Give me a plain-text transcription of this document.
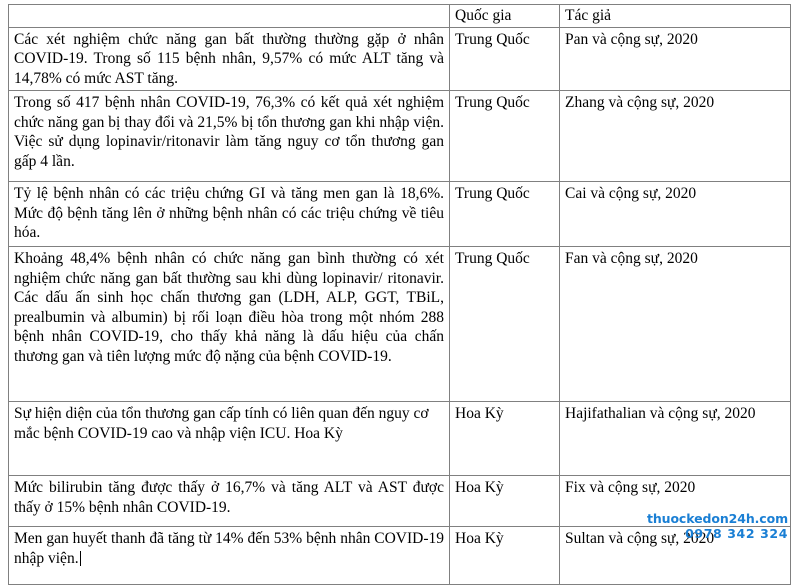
	Quốc gia	Tác giả
Các xét nghiệm chức năng gan bất thường thường gặp ở nhân COVID-19. Trong số 115 bệnh nhân, 9,57% có mức ALT tăng và 14,78% có mức AST tăng.	Trung Quốc	Pan và cộng sự, 2020
Trong số 417 bệnh nhân COVID-19, 76,3% có kết quả xét nghiệm chức năng gan bị thay đổi và 21,5% bị tổn thương gan khi nhập viện. Việc sử dụng lopinavir/ritonavir làm tăng nguy cơ tổn thương gan gấp 4 lần.	Trung Quốc	Zhang và cộng sự, 2020
Tỷ lệ bệnh nhân có các triệu chứng GI và tăng men gan là 18,6%. Mức độ bệnh tăng lên ở những bệnh nhân có các triệu chứng về tiêu hóa.	Trung Quốc	Cai và cộng sự, 2020
Khoảng 48,4% bệnh nhân có chức năng gan bình thường có xét nghiệm chức năng gan bất thường sau khi dùng lopinavir/ ritonavir. Các dấu ấn sinh học chấn thương gan (LDH, ALP, GGT, TBiL, prealbumin và albumin) bị rối loạn điều hòa trong một nhóm 288 bệnh nhân COVID-19, cho thấy khả năng là dấu hiệu của chấn thương gan và tiên lượng mức độ nặng của bệnh COVID-19.	Trung Quốc	Fan và cộng sự, 2020
Sự hiện diện của tổn thương gan cấp tính có liên quan đến nguy cơ mắc bệnh COVID-19 cao và nhập viện ICU. Hoa Kỳ	Hoa Kỳ	Hajifathalian và cộng sự, 2020
Mức bilirubin tăng được thấy ở 16,7% và tăng ALT và AST được thấy ở 15% bệnh nhân COVID-19.	Hoa Kỳ	Fix và cộng sự, 2020
Men gan huyết thanh đã tăng từ 14% đến 53% bệnh nhân COVID-19 nhập viện.	Hoa Kỳ	Sultan và cộng sự, 2020
thuockedon24h.com
0978 342 324
